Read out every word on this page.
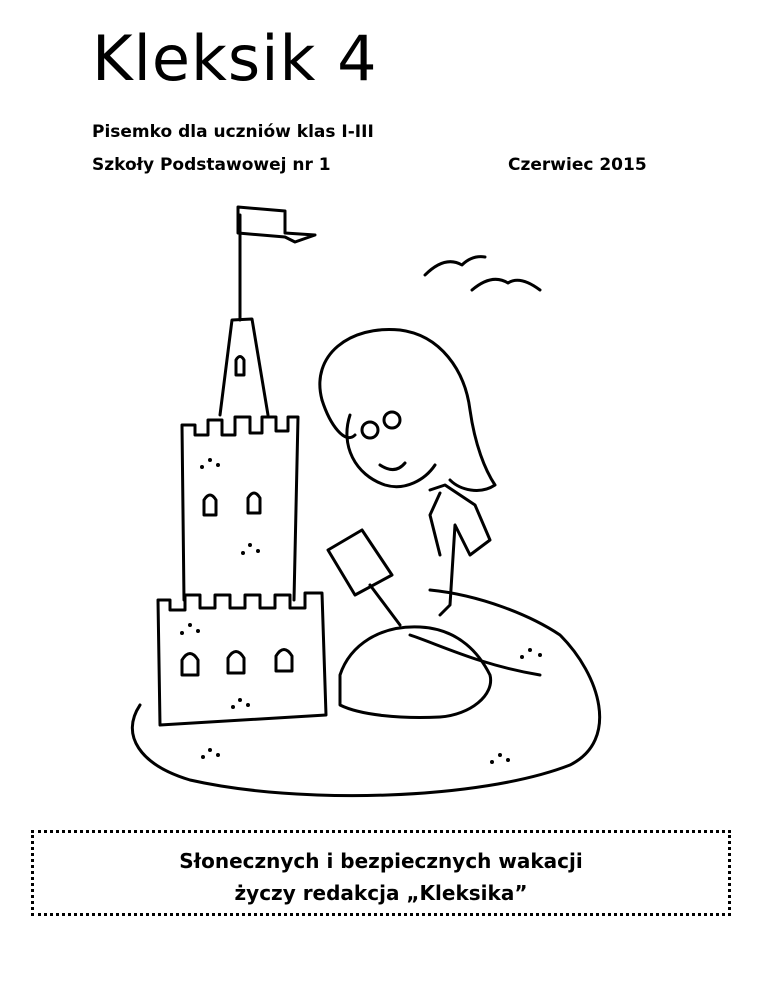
Kleksik 4
Pisemko dla uczniów klas I-III
Szkoły Podstawowej nr 1	Czerwiec 2015
Słonecznych i bezpiecznych wakacji
życzy redakcja „Kleksika”
